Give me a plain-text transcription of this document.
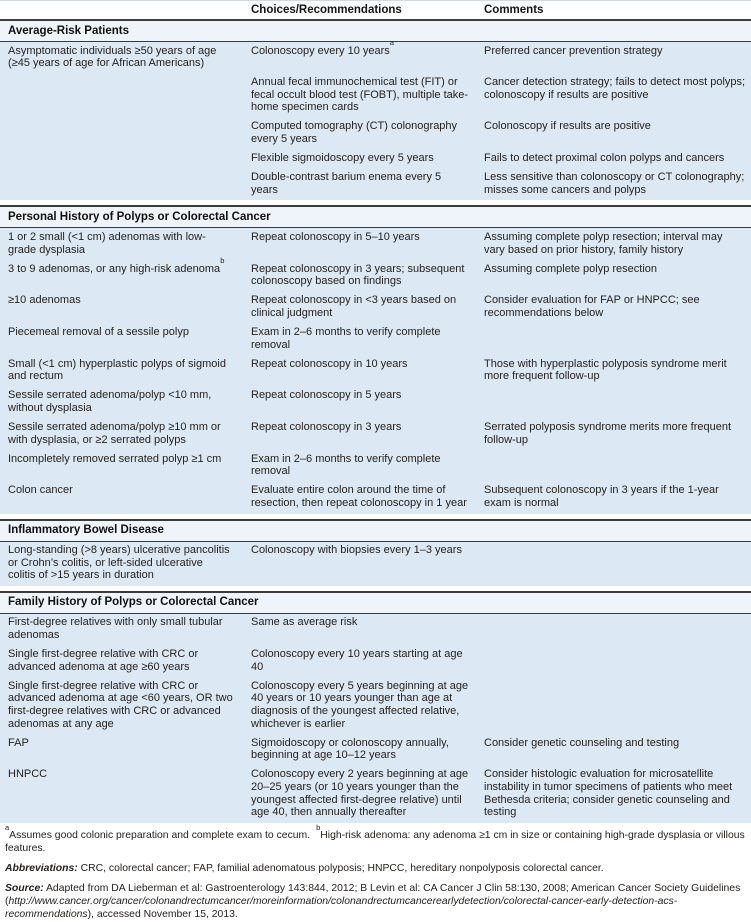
	Choices/Recommendations	Comments
Average-Risk Patients		
Asymptomatic individuals ≥50 years of age (≥45 years of age for African Americans)	Colonoscopy every 10 years$^a$	Preferred cancer prevention strategy
	Annual fecal immunochemical test (FIT) or fecal occult blood test (FOBT), multiple take-home specimen cards	Cancer detection strategy; fails to detect most polyps; colonoscopy if results are positive
	Computed tomography (CT) colonography every 5 years	Colonoscopy if results are positive
	Flexible sigmoidoscopy every 5 years	Fails to detect proximal colon polyps and cancers
	Double-contrast barium enema every 5 years	Less sensitive than colonoscopy or CT colonography; misses some cancers and polyps

Personal History of Polyps or Colorectal Cancer		
1 or 2 small (<1 cm) adenomas with low-grade dysplasia	Repeat colonoscopy in 5–10 years	Assuming complete polyp resection; interval may vary based on prior history, family history
3 to 9 adenomas, or any high-risk adenoma$^b$	Repeat colonoscopy in 3 years; subsequent colonoscopy based on findings	Assuming complete polyp resection
≥10 adenomas	Repeat colonoscopy in <3 years based on clinical judgment	Consider evaluation for FAP or HNPCC; see recommendations below
Piecemeal removal of a sessile polyp	Exam in 2–6 months to verify complete removal	
Small (<1 cm) hyperplastic polyps of sigmoid and rectum	Repeat colonoscopy in 10 years	Those with hyperplastic polyposis syndrome merit more frequent follow-up
Sessile serrated adenoma/polyp <10 mm, without dysplasia	Repeat colonoscopy in 5 years	
Sessile serrated adenoma/polyp ≥10 mm or with dysplasia, or ≥2 serrated polyps	Repeat colonoscopy in 3 years	Serrated polyposis syndrome merits more frequent follow-up
Incompletely removed serrated polyp ≥1 cm	Exam in 2–6 months to verify complete removal	
Colon cancer	Evaluate entire colon around the time of resection, then repeat colonoscopy in 1 year	Subsequent colonoscopy in 3 years if the 1-year exam is normal

Inflammatory Bowel Disease		
Long-standing (>8 years) ulcerative pancolitis or Crohn’s colitis, or left-sided ulcerative colitis of >15 years in duration	Colonoscopy with biopsies every 1–3 years	

Family History of Polyps or Colorectal Cancer		
First-degree relatives with only small tubular adenomas	Same as average risk	
Single first-degree relative with CRC or advanced adenoma at age ≥60 years	Colonoscopy every 10 years starting at age 40	
Single first-degree relative with CRC or advanced adenoma at age <60 years, OR two first-degree relatives with CRC or advanced adenomas at any age	Colonoscopy every 5 years beginning at age 40 years or 10 years younger than age at diagnosis of the youngest affected relative, whichever is earlier	
FAP	Sigmoidoscopy or colonoscopy annually, beginning at age 10–12 years	Consider genetic counseling and testing
HNPCC	Colonoscopy every 2 years beginning at age 20–25 years (or 10 years younger than the youngest affected first-degree relative) until age 40, then annually thereafter	Consider histologic evaluation for microsatellite instability in tumor specimens of patients who meet Bethesda criteria; consider genetic counseling and testing

$^a$Assumes good colonic preparation and complete exam to cecum.$^b$High-risk adenoma: any adenoma ≥1 cm in size or containing high-grade dysplasia or villous features.

Abbreviations: CRC, colorectal cancer; FAP, familial adenomatous polyposis; HNPCC, hereditary nonpolyposis colorectal cancer.

Source: Adapted from DA Lieberman et al: Gastroenterology 143:844, 2012; B Levin et al: CA Cancer J Clin 58:130, 2008; American Cancer Society Guidelines (http://www.cancer.org/cancer/colonandrectumcancer/moreinformation/colonandrectumcancerearlydetection/colorectal-cancer-early-detection-acs-recommendations), accessed November 15, 2013.
